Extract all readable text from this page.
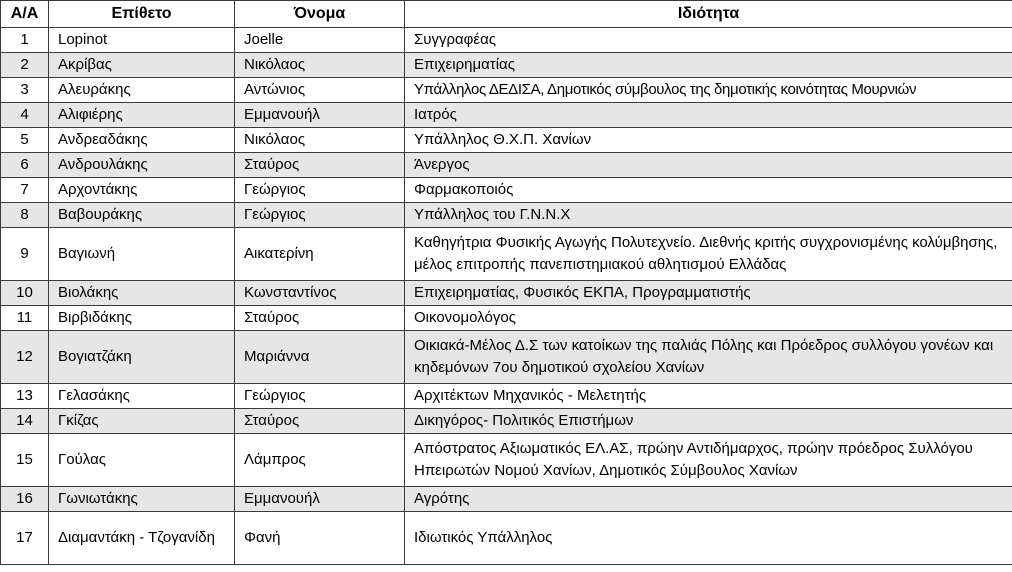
Α/Α	Επίθετο	Όνομα	Ιδιότητα
1	Lopinot	Joelle	Συγγραφέας
2	Ακρίβας	Νικόλαος	Επιχειρηματίας
3	Αλευράκης	Αντώνιος	Υπάλληλος ΔΕΔΙΣΑ, Δημοτικός σύμβουλος της δημοτικής κοινότητας Μουρνιών
4	Αλιφιέρης	Εμμανουήλ	Ιατρός
5	Ανδρεαδάκης	Νικόλαος	Υπάλληλος Θ.Χ.Π. Χανίων
6	Ανδρουλάκης	Σταύρος	Άνεργος
7	Αρχοντάκης	Γεώργιος	Φαρμακοποιός
8	Βαβουράκης	Γεώργιος	Υπάλληλος του Γ.Ν.Ν.Χ
9	Βαγιωνή	Αικατερίνη	Καθηγήτρια Φυσικής Αγωγής Πολυτεχνείο. Διεθνής κριτής συγχρονισμένης κολύμβησης, μέλος επιτροπής πανεπιστημιακού αθλητισμού Ελλάδας
10	Βιολάκης	Κωνσταντίνος	Επιχειρηματίας, Φυσικός ΕΚΠΑ, Προγραμματιστής
11	Βιρβιδάκης	Σταύρος	Οικονομολόγος
12	Βογιατζάκη	Μαριάννα	Οικιακά-Μέλος Δ.Σ των κατοίκων της παλιάς Πόλης και Πρόεδρος συλλόγου γονέων και κηδεμόνων 7ου δημοτικού σχολείου Χανίων
13	Γελασάκης	Γεώργιος	Αρχιτέκτων Μηχανικός - Μελετητής
14	Γκίζας	Σταύρος	Δικηγόρος- Πολιτικός Επιστήμων
15	Γούλας	Λάμπρος	Απόστρατος Αξιωματικός ΕΛ.ΑΣ, πρώην Αντιδήμαρχος, πρώην πρόεδρος Συλλόγου Ηπειρωτών Νομού Χανίων, Δημοτικός Σύμβουλος Χανίων
16	Γωνιωτάκης	Εμμανουήλ	Αγρότης
17	Διαμαντάκη - Τζογανίδη	Φανή	Ιδιωτικός Υπάλληλος
